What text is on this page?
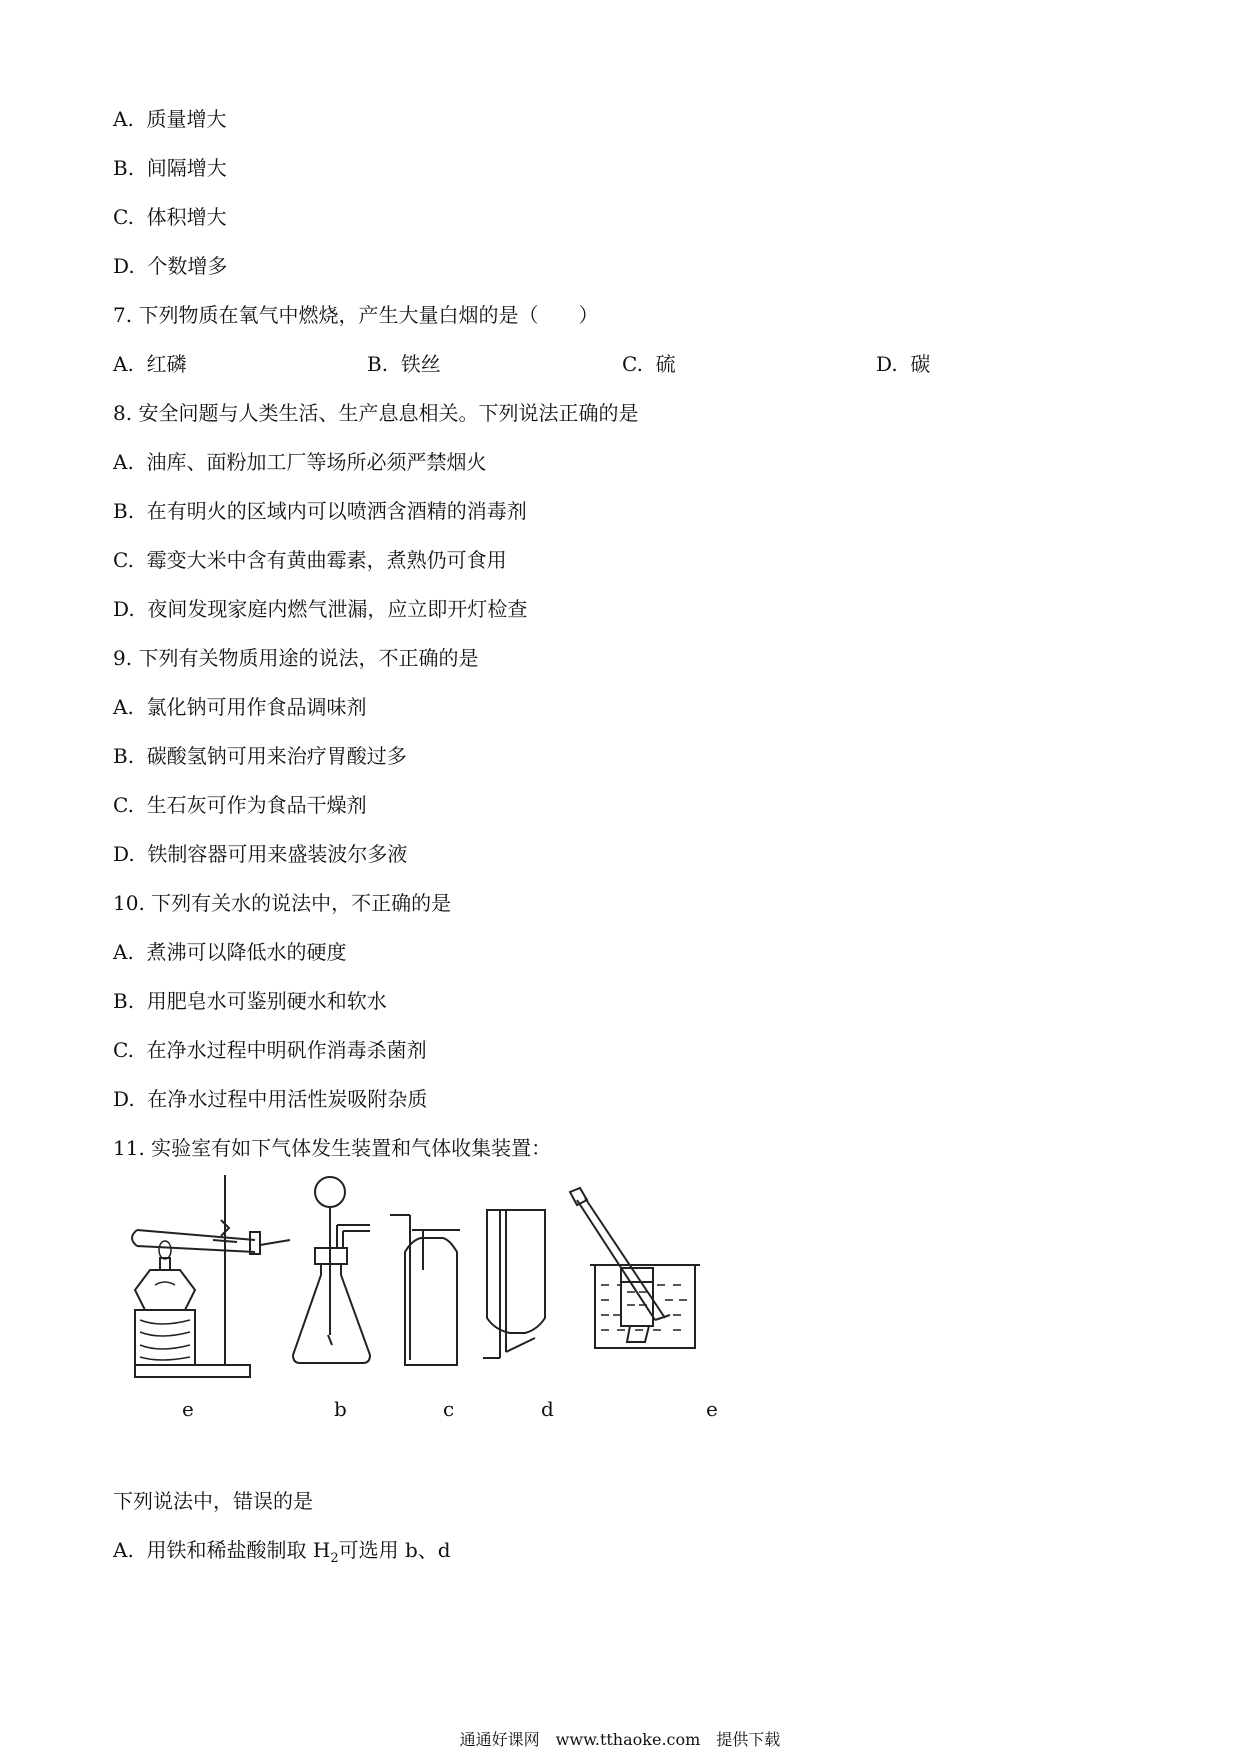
A. 质量增大
B. 间隔增大
C. 体积增大
D. 个数增多
7. 下列物质在氧气中燃烧，产生大量白烟的是（　　）
A. 红磷	B. 铁丝	C. 硫	D. 碳
8. 安全问题与人类生活、生产息息相关。下列说法正确的是
A. 油库、面粉加工厂等场所必须严禁烟火
B. 在有明火的区域内可以喷洒含酒精的消毒剂
C. 霉变大米中含有黄曲霉素，煮熟仍可食用
D. 夜间发现家庭内燃气泄漏，应立即开灯检查
9. 下列有关物质用途的说法，不正确的是
A. 氯化钠可用作食品调味剂
B. 碳酸氢钠可用来治疗胃酸过多
C. 生石灰可作为食品干燥剂
D. 铁制容器可用来盛装波尔多液
10. 下列有关水的说法中，不正确的是
A. 煮沸可以降低水的硬度
B. 用肥皂水可鉴别硬水和软水
C. 在净水过程中明矾作消毒杀菌剂
D. 在净水过程中用活性炭吸附杂质
11. 实验室有如下气体发生装置和气体收集装置：
e	b	c	d	e
下列说法中，错误的是
A. 用铁和稀盐酸制取 $H_2$可选用 b、d
通通好课网　www.tthaoke.com　提供下载
